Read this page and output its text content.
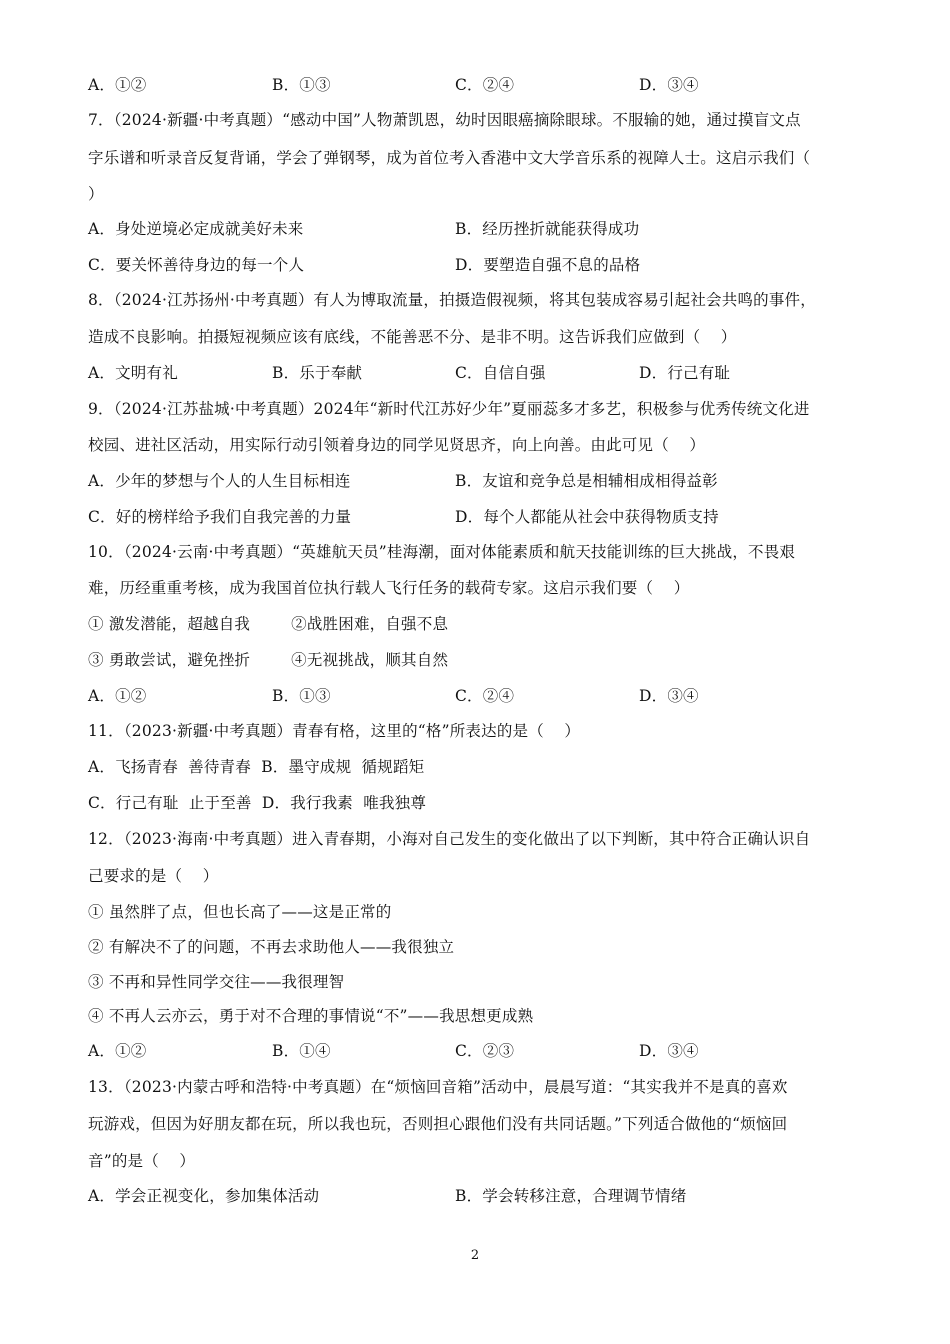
A．①②	B．①③	C．②④	D．③④
7．（2024·新疆·中考真题）“感动中国”人物萧凯恩，幼时因眼癌摘除眼球。不服输的她，通过摸盲文点
字乐谱和听录音反复背诵，学会了弹钢琴，成为首位考入香港中文大学音乐系的视障人士。这启示我们（
）
A．身处逆境必定成就美好未来	B．经历挫折就能获得成功
C．要关怀善待身边的每一个人	D．要塑造自强不息的品格
8．（2024·江苏扬州·中考真题）有人为博取流量，拍摄造假视频，将其包装成容易引起社会共鸣的事件，
造成不良影响。拍摄短视频应该有底线，不能善恶不分、是非不明。这告诉我们应做到（    ）
A．文明有礼	B．乐于奉献	C．自信自强	D．行己有耻
9．（2024·江苏盐城·中考真题）2024年“新时代江苏好少年”夏丽蕊多才多艺，积极参与优秀传统文化进
校园、进社区活动，用实际行动引领着身边的同学见贤思齐，向上向善。由此可见（    ）
A．少年的梦想与个人的人生目标相连	B．友谊和竞争总是相辅相成相得益彰
C．好的榜样给予我们自我完善的力量	D．每个人都能从社会中获得物质支持
10．（2024·云南·中考真题）“英雄航天员”桂海潮，面对体能素质和航天技能训练的巨大挑战，不畏艰
难，历经重重考核，成为我国首位执行载人飞行任务的载荷专家。这启示我们要（    ）
① 激发潜能，超越自我        ②战胜困难，自强不息
③ 勇敢尝试，避免挫折        ④无视挑战，顺其自然
A．①②	B．①③	C．②④	D．③④
11．（2023·新疆·中考真题）青春有格，这里的“格”所表达的是（    ）
A．飞扬青春  善待青春  B．墨守成规  循规蹈矩
C．行己有耻  止于至善  D．我行我素  唯我独尊
12．（2023·海南·中考真题）进入青春期，小海对自己发生的变化做出了以下判断，其中符合正确认识自
己要求的是（    ）
① 虽然胖了点，但也长高了——这是正常的
② 有解决不了的问题，不再去求助他人——我很独立
③ 不再和异性同学交往——我很理智
④ 不再人云亦云，勇于对不合理的事情说“不”——我思想更成熟
A．①②	B．①④	C．②③	D．③④
13．（2023·内蒙古呼和浩特·中考真题）在“烦恼回音箱”活动中，晨晨写道：“其实我并不是真的喜欢
玩游戏，但因为好朋友都在玩，所以我也玩，否则担心跟他们没有共同话题。”下列适合做他的“烦恼回
音”的是（    ）
A．学会正视变化，参加集体活动	B．学会转移注意，合理调节情绪
2
